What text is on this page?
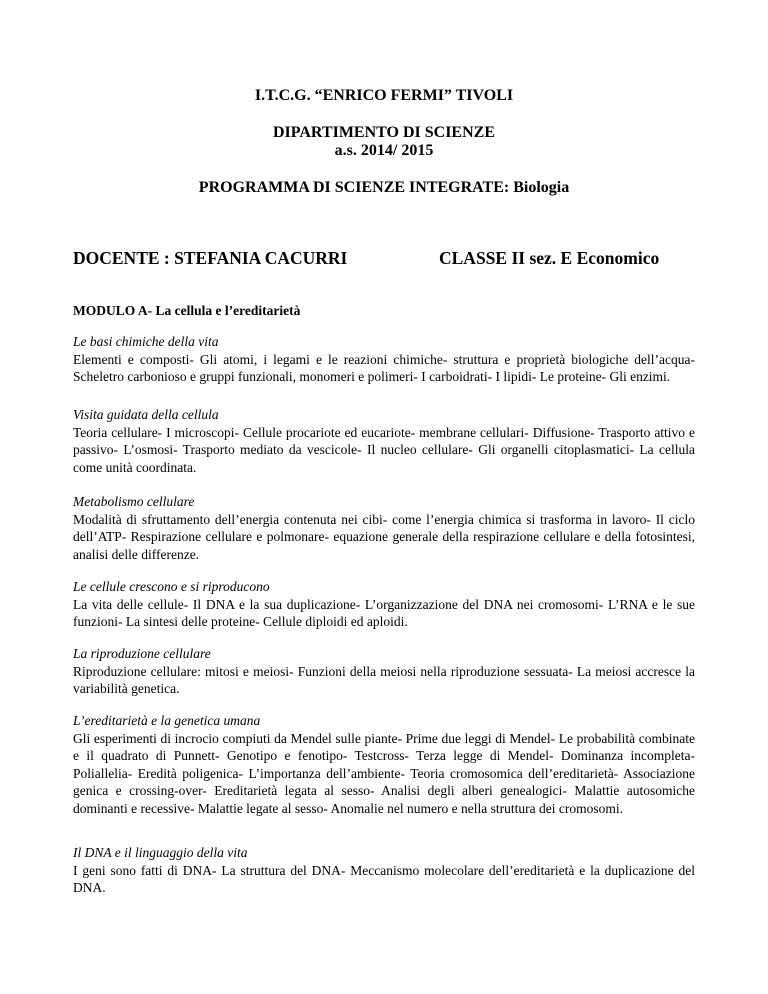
I.T.C.G. “ENRICO FERMI” TIVOLI
DIPARTIMENTO DI SCIENZE
a.s. 2014/ 2015
PROGRAMMA DI SCIENZE INTEGRATE: Biologia
DOCENTE : STEFANIA CACURRI	CLASSE II sez. E Economico
MODULO A- La cellula e l’ereditarietà
Le basi chimiche della vita
Elementi e composti- Gli atomi, i legami e le reazioni chimiche- struttura e proprietà biologiche dell’acqua- Scheletro carbonioso e gruppi funzionali, monomeri e polimeri- I carboidrati- I lipidi- Le proteine- Gli enzimi.
Visita guidata della cellula
Teoria cellulare- I microscopi- Cellule procariote ed eucariote- membrane cellulari- Diffusione- Trasporto attivo e passivo- L’osmosi- Trasporto mediato da vescicole- Il nucleo cellulare- Gli organelli citoplasmatici- La cellula come unità coordinata.
Metabolismo cellulare
Modalità di sfruttamento dell’energia contenuta nei cibi- come l’energia chimica si trasforma in lavoro- Il ciclo dell’ATP- Respirazione cellulare e polmonare- equazione generale della respirazione cellulare e della fotosintesi, analisi delle differenze.
Le cellule crescono e si riproducono
La vita delle cellule- Il DNA e la sua duplicazione- L’organizzazione del DNA nei cromosomi- L’RNA e le sue funzioni- La sintesi delle proteine- Cellule diploidi ed aploidi.
La riproduzione cellulare
Riproduzione cellulare: mitosi e meiosi- Funzioni della meiosi nella riproduzione sessuata- La meiosi accresce la variabilità genetica.
L’ereditarietà e la genetica umana
Gli esperimenti di incrocio compiuti da Mendel sulle piante- Prime due leggi di Mendel- Le probabilità combinate e il quadrato di Punnett- Genotipo e fenotipo- Testcross- Terza legge di Mendel- Dominanza incompleta- Poliallelia- Eredità poligenica- L’importanza dell’ambiente- Teoria cromosomica dell’ereditarietà- Associazione genica e crossing-over- Ereditarietà legata al sesso- Analisi degli alberi genealogici- Malattie autosomiche dominanti e recessive- Malattie legate al sesso- Anomalie nel numero e nella struttura dei cromosomi.
Il DNA e il linguaggio della vita
I geni sono fatti di DNA- La struttura del DNA- Meccanismo molecolare dell’ereditarietà e la duplicazione del DNA.
